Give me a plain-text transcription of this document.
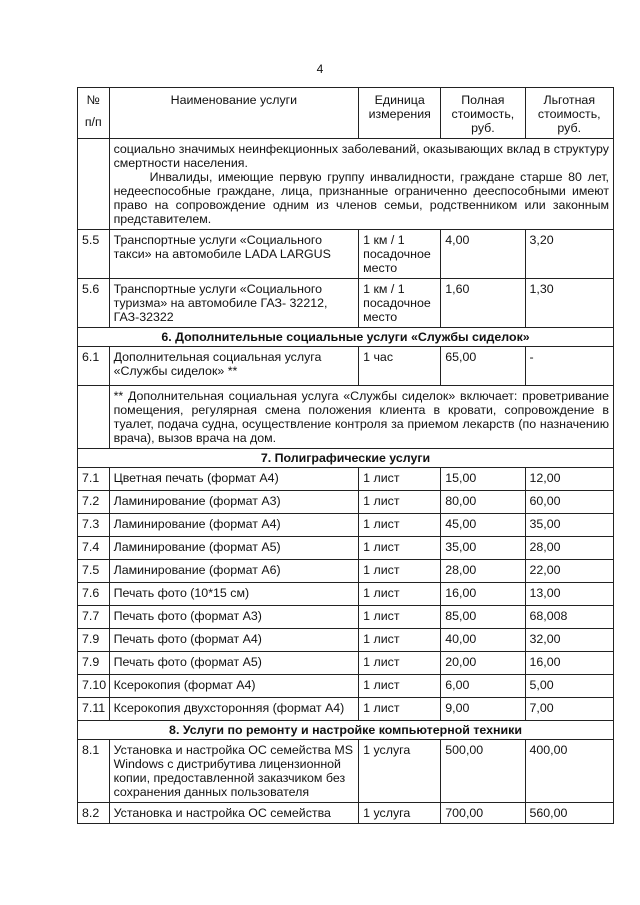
4
№
п/п	Наименование услуги	Единица измерения	Полная стоимость, руб.	Льготная стоимость, руб.
	социально значимых неинфекционных заболеваний, оказывающих вклад в структуру смертности населения.
Инвалиды, имеющие первую группу инвалидности, граждане старше 80 лет, недееспособные граждане, лица, признанные ограниченно дееспособными имеют право на сопровождение одним из членов семьи, родственником или законным представителем.			
5.5	Транспортные услуги «Социального такси» на автомобиле LADA LARGUS	1 км / 1 посадочное место	4,00	3,20
5.6	Транспортные услуги «Социального туризма» на автомобиле ГАЗ- 32212, ГАЗ-32322	1 км / 1 посадочное место	1,60	1,30
6. Дополнительные социальные услуги «Службы сиделок»				
6.1	Дополнительная социальная услуга «Службы сиделок» **	1 час	65,00	-
	** Дополнительная социальная услуга «Службы сиделок» включает: проветривание помещения, регулярная смена положения клиента в кровати, сопровождение в туалет, подача судна, осуществление контроля за приемом лекарств (по назначению врача), вызов врача на дом.			
7. Полиграфические услуги				
7.1	Цветная печать (формат А4)	1 лист	15,00	12,00
7.2	Ламинирование (формат А3)	1 лист	80,00	60,00
7.3	Ламинирование (формат А4)	1 лист	45,00	35,00
7.4	Ламинирование (формат А5)	1 лист	35,00	28,00
7.5	Ламинирование (формат А6)	1 лист	28,00	22,00
7.6	Печать фото (10*15 см)	1 лист	16,00	13,00
7.7	Печать фото (формат А3)	1 лист	85,00	68,008
7.9	Печать фото (формат А4)	1 лист	40,00	32,00
7.9	Печать фото (формат А5)	1 лист	20,00	16,00
7.10	Ксерокопия (формат А4)	1 лист	6,00	5,00
7.11	Ксерокопия двухсторонняя (формат А4)	1 лист	9,00	7,00
8. Услуги по ремонту и настройке компьютерной техники				
8.1	Установка и настройка ОС семейства MS Windows с дистрибутива лицензионной копии, предоставленной заказчиком без сохранения данных пользователя	1 услуга	500,00	400,00
8.2	Установка и настройка ОС семейства	1 услуга	700,00	560,00
